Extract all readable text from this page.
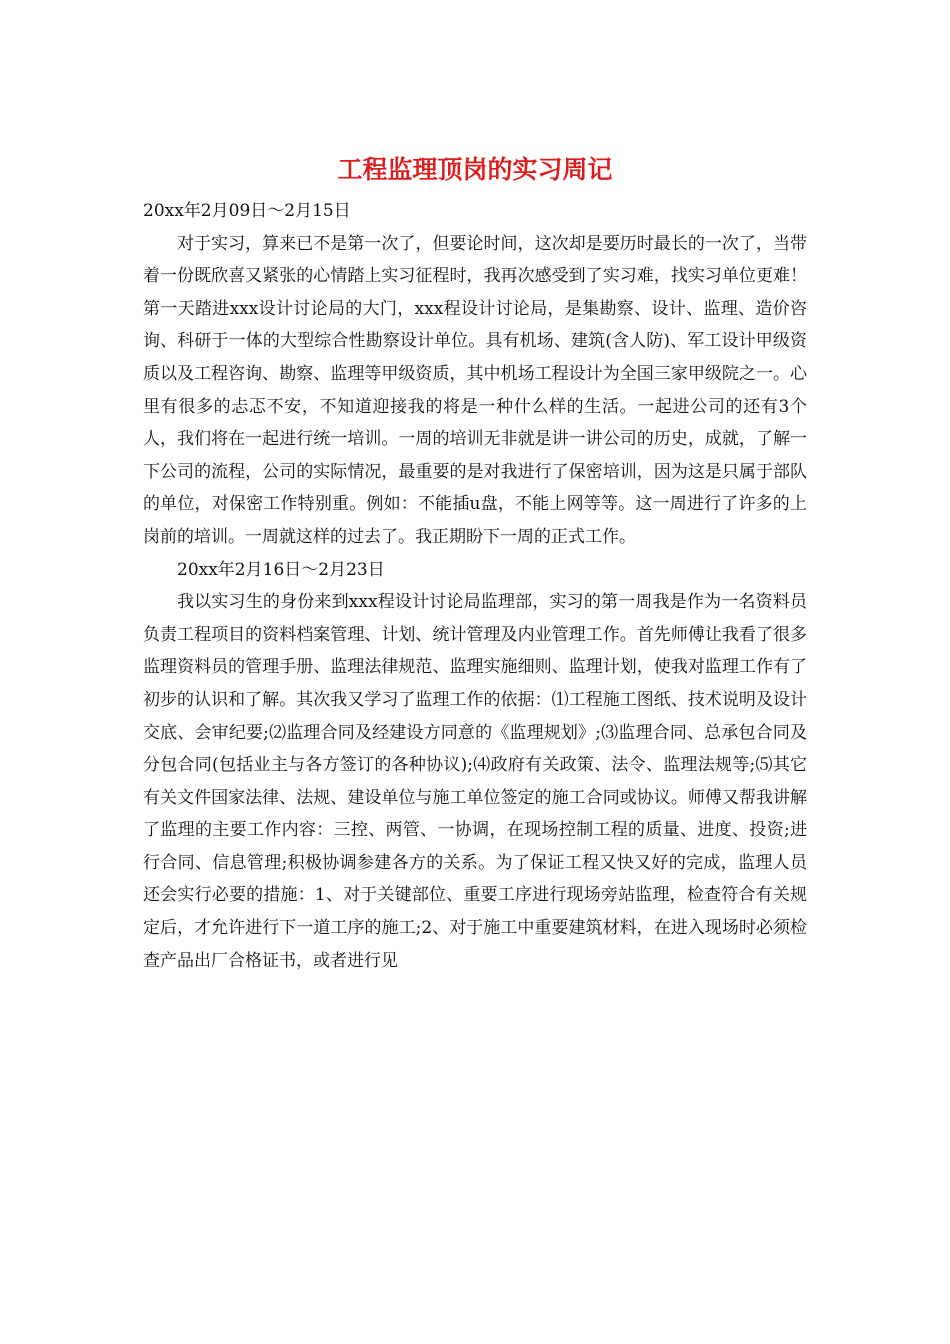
工程监理顶岗的实习周记

20xx年2月09日～2月15日

对于实习，算来已不是第一次了，但要论时间，这次却是要历时最长的一次了，当带着一份既欣喜又紧张的心情踏上实习征程时，我再次感受到了实习难，找实习单位更难！第一天踏进xxx设计讨论局的大门，xxx程设计讨论局，是集勘察、设计、监理、造价咨询、科研于一体的大型综合性勘察设计单位。具有机场、建筑(含人防)、军工设计甲级资质以及工程咨询、勘察、监理等甲级资质，其中机场工程设计为全国三家甲级院之一。心里有很多的忐忑不安，不知道迎接我的将是一种什么样的生活。一起进公司的还有3个人，我们将在一起进行统一培训。一周的培训无非就是讲一讲公司的历史，成就，了解一下公司的流程，公司的实际情况，最重要的是对我进行了保密培训，因为这是只属于部队的单位，对保密工作特别重。例如：不能插u盘，不能上网等等。这一周进行了许多的上岗前的培训。一周就这样的过去了。我正期盼下一周的正式工作。

20xx年2月16日～2月23日

我以实习生的身份来到xxx程设计讨论局监理部，实习的第一周我是作为一名资料员负责工程项目的资料档案管理、计划、统计管理及内业管理工作。首先师傅让我看了很多监理资料员的管理手册、监理法律规范、监理实施细则、监理计划，使我对监理工作有了初步的认识和了解。其次我又学习了监理工作的依据：⑴工程施工图纸、技术说明及设计交底、会审纪要;⑵监理合同及经建设方同意的《监理规划》;⑶监理合同、总承包合同及分包合同(包括业主与各方签订的各种协议);⑷政府有关政策、法令、监理法规等;⑸其它有关文件国家法律、法规、建设单位与施工单位签定的施工合同或协议。师傅又帮我讲解了监理的主要工作内容：三控、两管、一协调，在现场控制工程的质量、进度、投资;进行合同、信息管理;积极协调参建各方的关系。为了保证工程又快又好的完成，监理人员还会实行必要的措施：1、对于关键部位、重要工序进行现场旁站监理，检查符合有关规定后，才允许进行下一道工序的施工;2、对于施工中重要建筑材料，在进入现场时必须检查产品出厂合格证书，或者进行见
